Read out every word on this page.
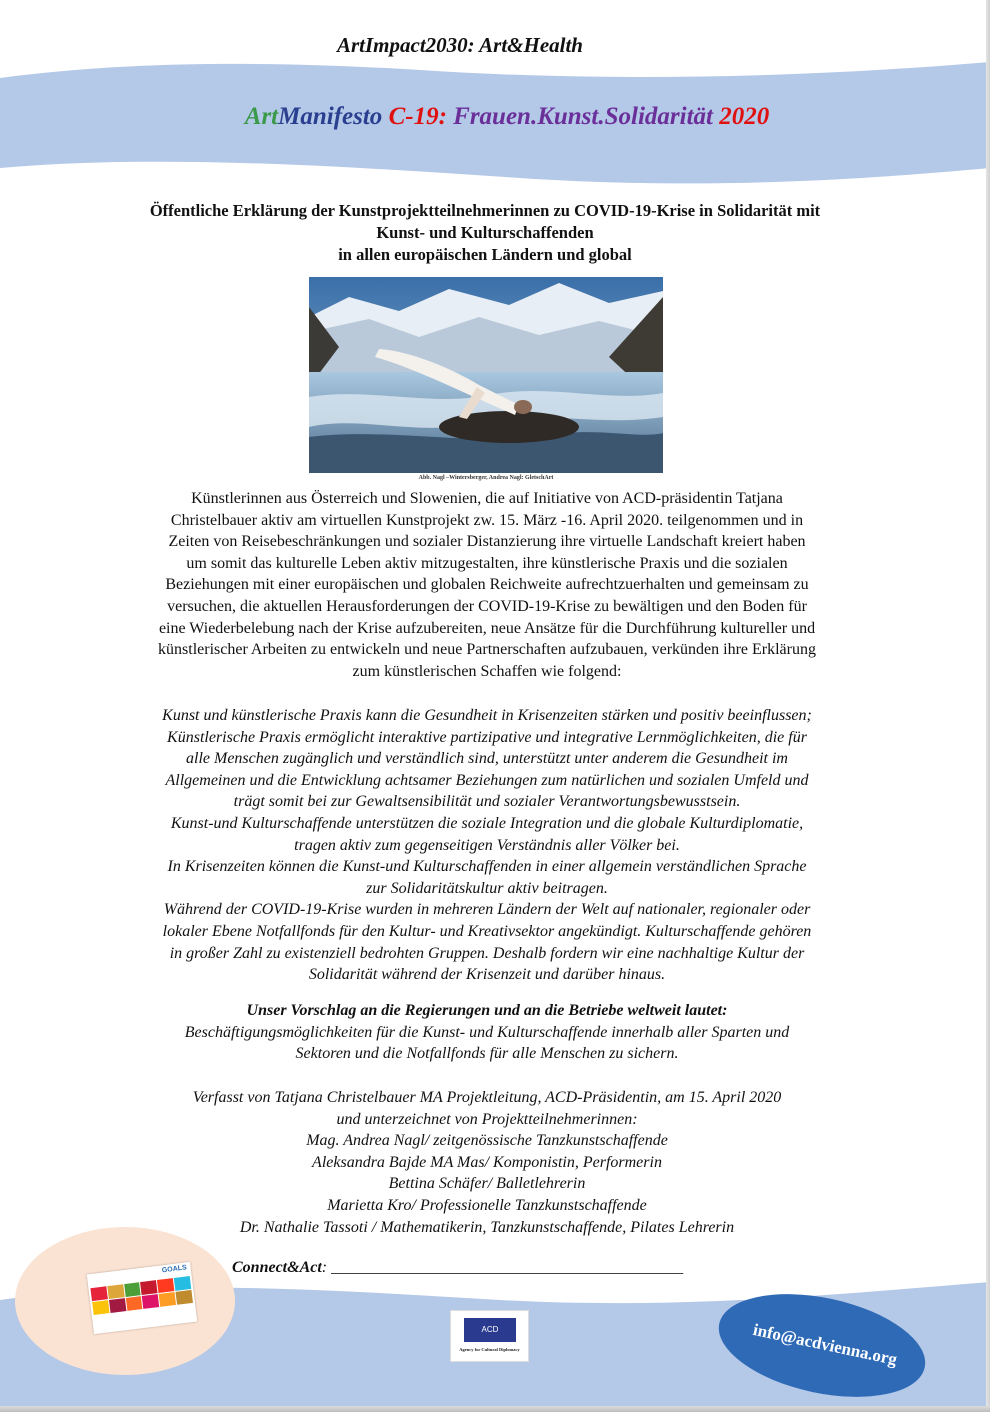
ArtImpact2030: Art&Health
ArtManifesto C-19: Frauen.Kunst.Solidarität 2020
Öffentliche Erklärung der Kunstprojektteilnehmerinnen zu COVID-19-Krise in Solidarität mit
Kunst- und Kulturschaffenden
in allen europäischen Ländern und global
Abb. Nagl –Wintersberger, Andrea Nagl: GletschArt
Künstlerinnen aus Österreich und Slowenien, die auf Initiative von ACD-präsidentin Tatjana
Christelbauer aktiv am virtuellen Kunstprojekt zw. 15. März -16. April 2020. teilgenommen und in
Zeiten von Reisebeschränkungen und sozialer Distanzierung ihre virtuelle Landschaft kreiert haben
um somit das kulturelle Leben aktiv mitzugestalten, ihre künstlerische Praxis und die sozialen
Beziehungen mit einer europäischen und globalen Reichweite aufrechtzuerhalten und gemeinsam zu
versuchen, die aktuellen Herausforderungen der COVID-19-Krise zu bewältigen und den Boden für
eine Wiederbelebung nach der Krise aufzubereiten, neue Ansätze für die Durchführung kultureller und
künstlerischer Arbeiten zu entwickeln und neue Partnerschaften aufzubauen, verkünden ihre Erklärung
zum künstlerischen Schaffen wie folgend:
Kunst und künstlerische Praxis kann die Gesundheit in Krisenzeiten stärken und positiv beeinflussen;
Künstlerische Praxis ermöglicht interaktive partizipative und integrative Lernmöglichkeiten, die für
alle Menschen zugänglich und verständlich sind, unterstützt unter anderem die Gesundheit im
Allgemeinen und die Entwicklung achtsamer Beziehungen zum natürlichen und sozialen Umfeld und
trägt somit bei zur Gewaltsensibilität und sozialer Verantwortungsbewusstsein.
Kunst-und Kulturschaffende unterstützen die soziale Integration und die globale Kulturdiplomatie,
tragen aktiv zum gegenseitigen Verständnis aller Völker bei.
In Krisenzeiten können die Kunst-und Kulturschaffenden in einer allgemein verständlichen Sprache
zur Solidaritätskultur aktiv beitragen.
Während der COVID-19-Krise wurden in mehreren Ländern der Welt auf nationaler, regionaler oder
lokaler Ebene Notfallfonds für den Kultur- und Kreativsektor angekündigt. Kulturschaffende gehören
in großer Zahl zu existenziell bedrohten Gruppen. Deshalb fordern wir eine nachhaltige Kultur der
Solidarität während der Krisenzeit und darüber hinaus.
Unser Vorschlag an die Regierungen und an die Betriebe weltweit lautet:
Beschäftigungsmöglichkeiten für die Kunst- und Kulturschaffende innerhalb aller Sparten und
Sektoren und die Notfallfonds für alle Menschen zu sichern.
Verfasst von Tatjana Christelbauer MA Projektleitung, ACD-Präsidentin, am 15. April 2020
und unterzeichnet von Projektteilnehmerinnen:
Mag. Andrea Nagl/ zeitgenössische Tanzkunstschaffende
Aleksandra Bajde MA Mas/ Komponistin, Performerin
Bettina Schäfer/ Balletlehrerin
Marietta Kro/ Professionelle Tanzkunstschaffende
Dr. Nathalie Tassoti / Mathematikerin, Tanzkunstschaffende, Pilates Lehrerin
GOALS	Connect&Act: ____________________________________________
ACD
Agency for Cultural Diplomacy	info@acdvienna.org
